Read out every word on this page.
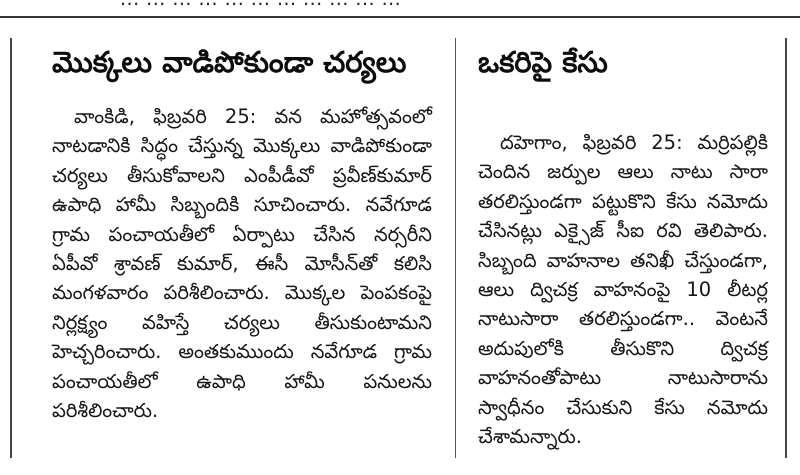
మొక్కలు వాడిపోకుండా చర్యలు

వాంకిడి, ఫిబ్రవరి 25: వన మహోత్సవంలో నాటడానికి సిద్ధం చేస్తున్న మొక్కలు వాడిపోకుండా చర్యలు తీసుకోవాలని ఎంపీడీవో ప్రవీణ్‌కుమార్ ఉపాధి హామీ సిబ్బందికి సూచించారు. నవేగూడ గ్రామ పంచాయతీలో ఏర్పాటు చేసిన నర్సరీని ఏపీవో శ్రావణ్ కుమార్, ఈసీ మోసీన్‌తో కలిసి మంగళవారం పరిశీలించారు. మొక్కల పెంపకంపై నిర్లక్ష్యం వహిస్తే చర్యలు తీసుకుంటామని హెచ్చరించారు. అంతకుముందు నవేగూడ గ్రామ పంచాయతీలో ఉపాధి హామీ పనులను పరిశీలించారు.

ఒకరిపై కేసు

దహెగాం, ఫిబ్రవరి 25: మర్రిపల్లికి చెందిన జర్పుల ఆలు నాటు సారా తరలిస్తుండగా పట్టుకొని కేసు నమోదు చేసినట్లు ఎక్సైజ్ సీఐ రవి తెలిపారు. సిబ్బంది వాహనాల తనిఖీ చేస్తుండగా, ఆలు ద్విచక్ర వాహనంపై 10 లీటర్ల నాటుసారా తరలిస్తుండగా.. వెంటనే అదుపులోకి తీసుకొని ద్విచక్ర వాహనంతోపాటు నాటుసారాను స్వాధీనం చేసుకుని కేసు నమోదు చేశామన్నారు.
